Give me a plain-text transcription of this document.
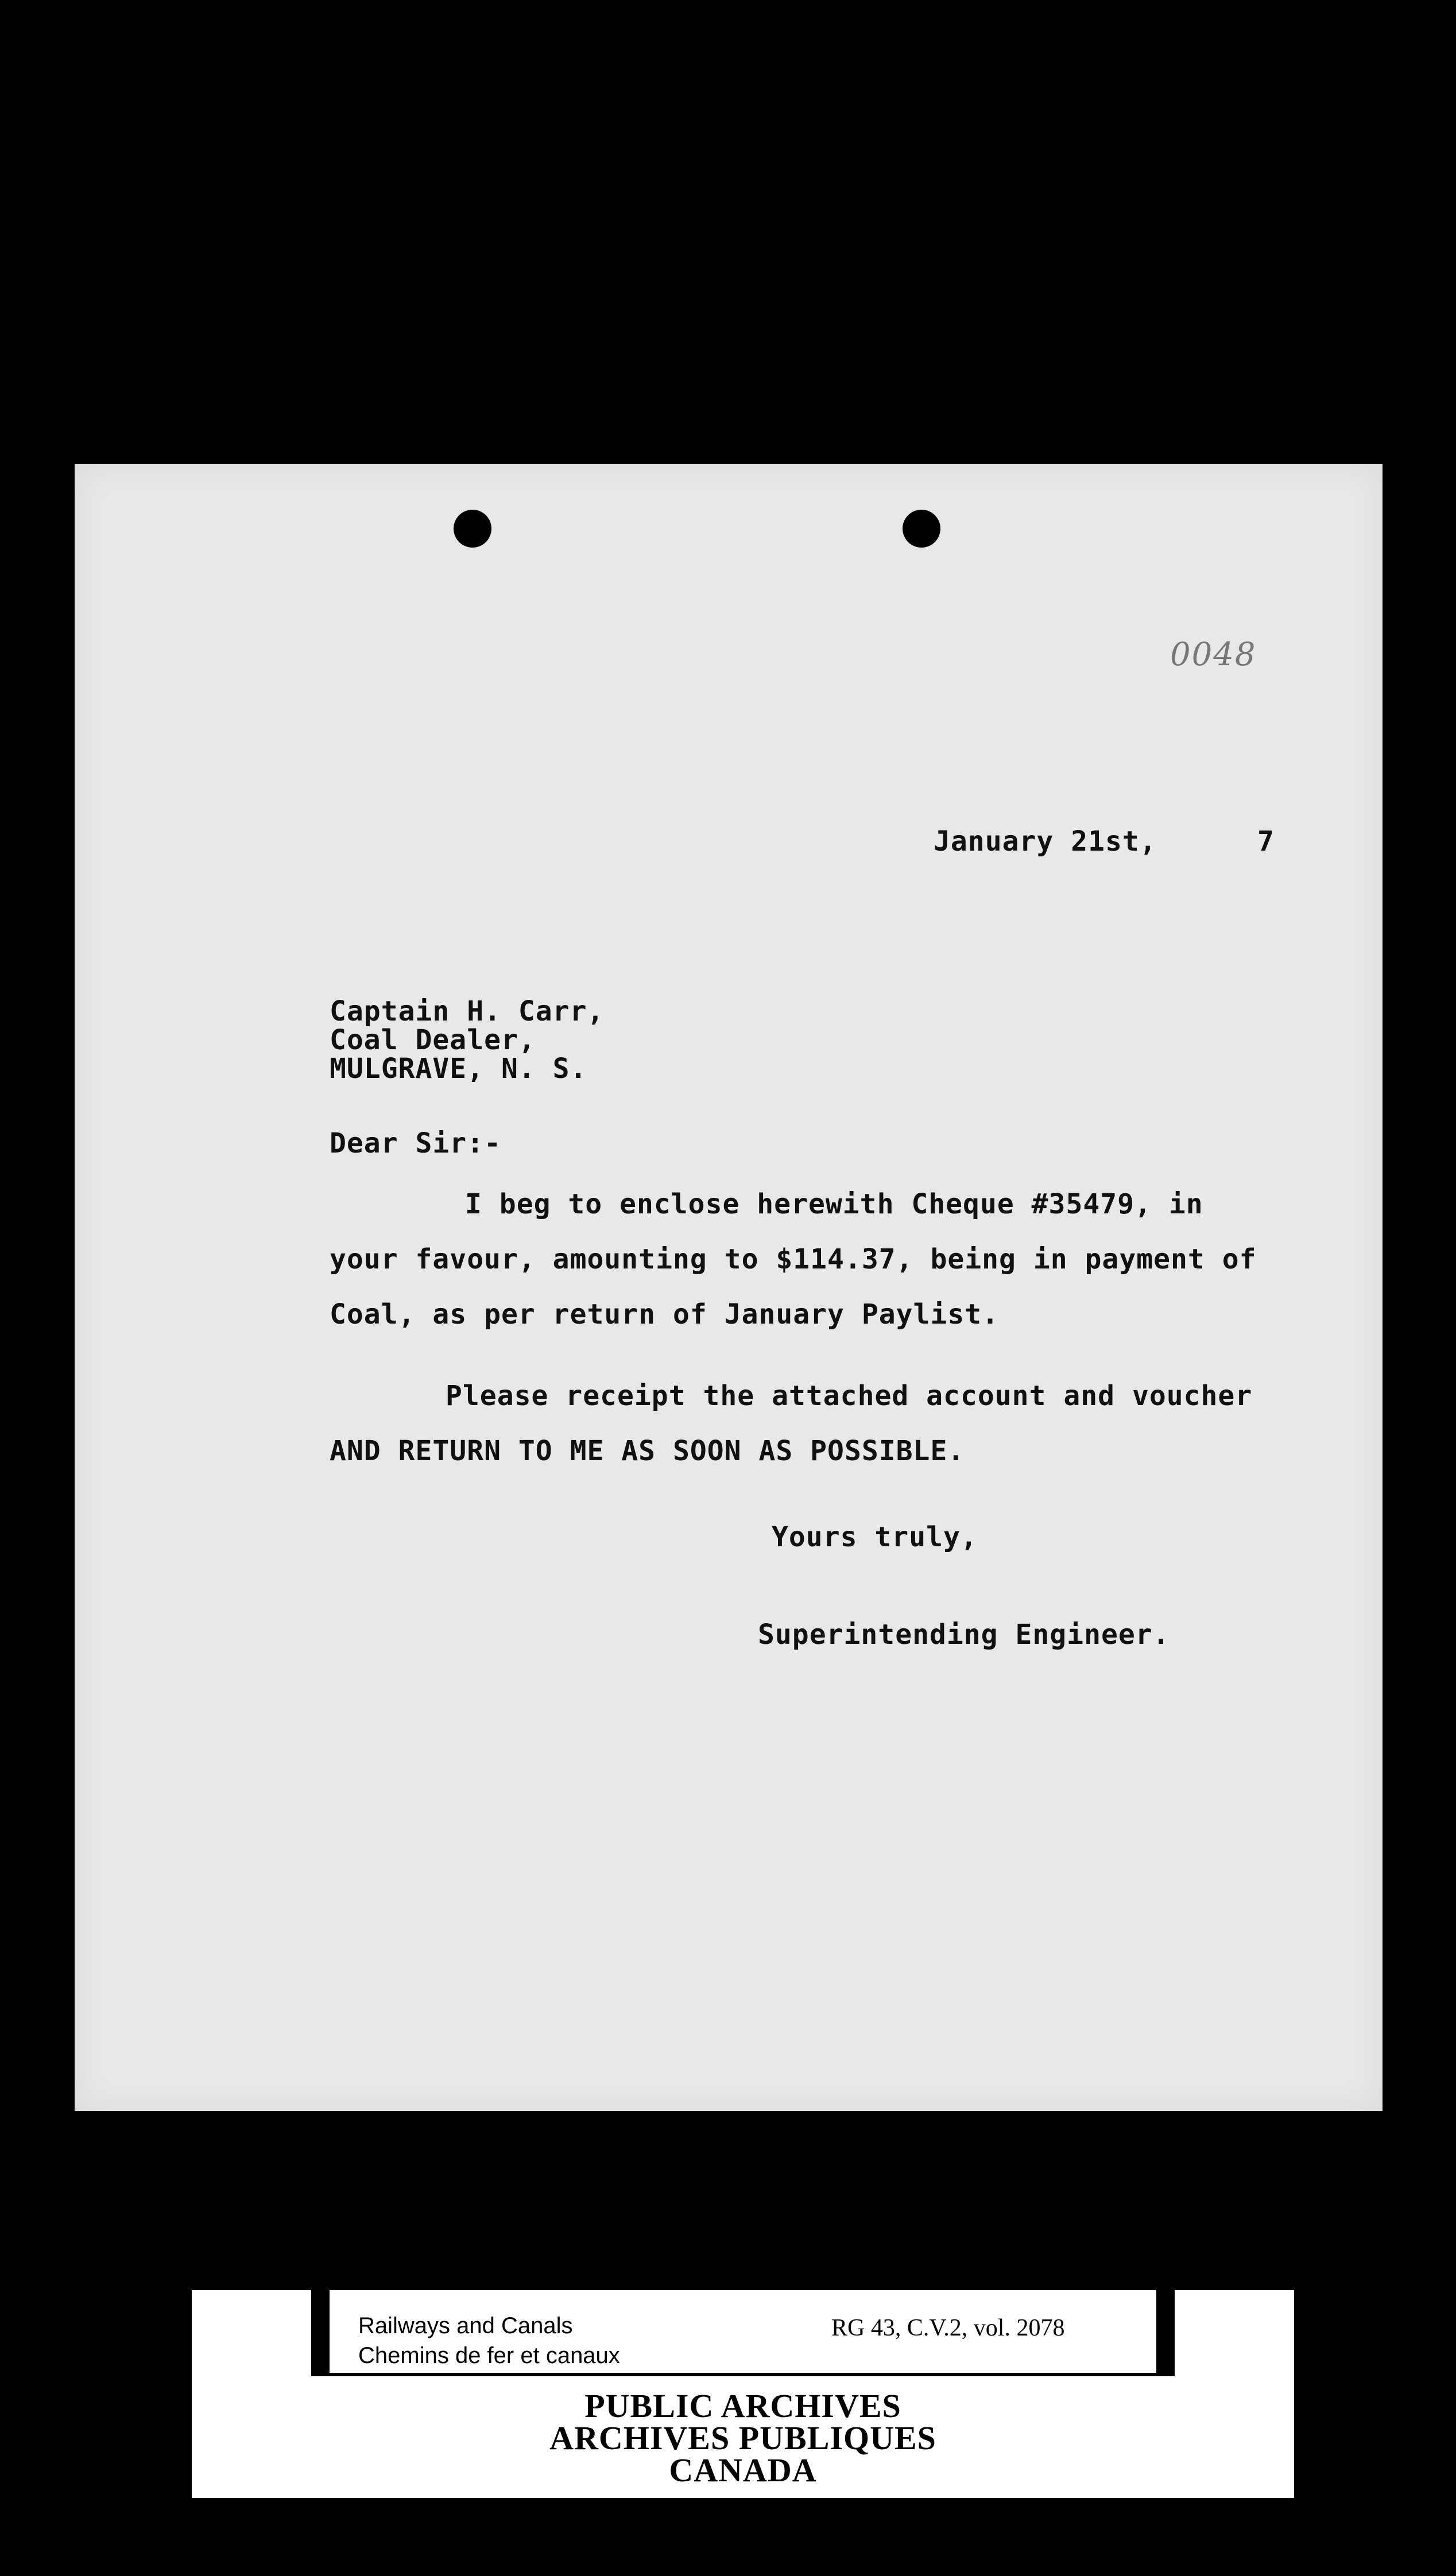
0048
January 21st,	7
Captain H. Carr,
Coal Dealer,
MULGRAVE, N. S.
Dear Sir:-
I beg to enclose herewith Cheque #35479, in
your favour, amounting to $114.37, being in payment of
Coal, as per return of January Paylist.
Please receipt the attached account and voucher
AND RETURN TO ME AS SOON AS POSSIBLE.
Yours truly,
Superintending Engineer.
Railways and Canals
Chemins de fer et canaux
RG 43, C.V.2, vol. 2078
PUBLIC ARCHIVES
ARCHIVES PUBLIQUES
CANADA
